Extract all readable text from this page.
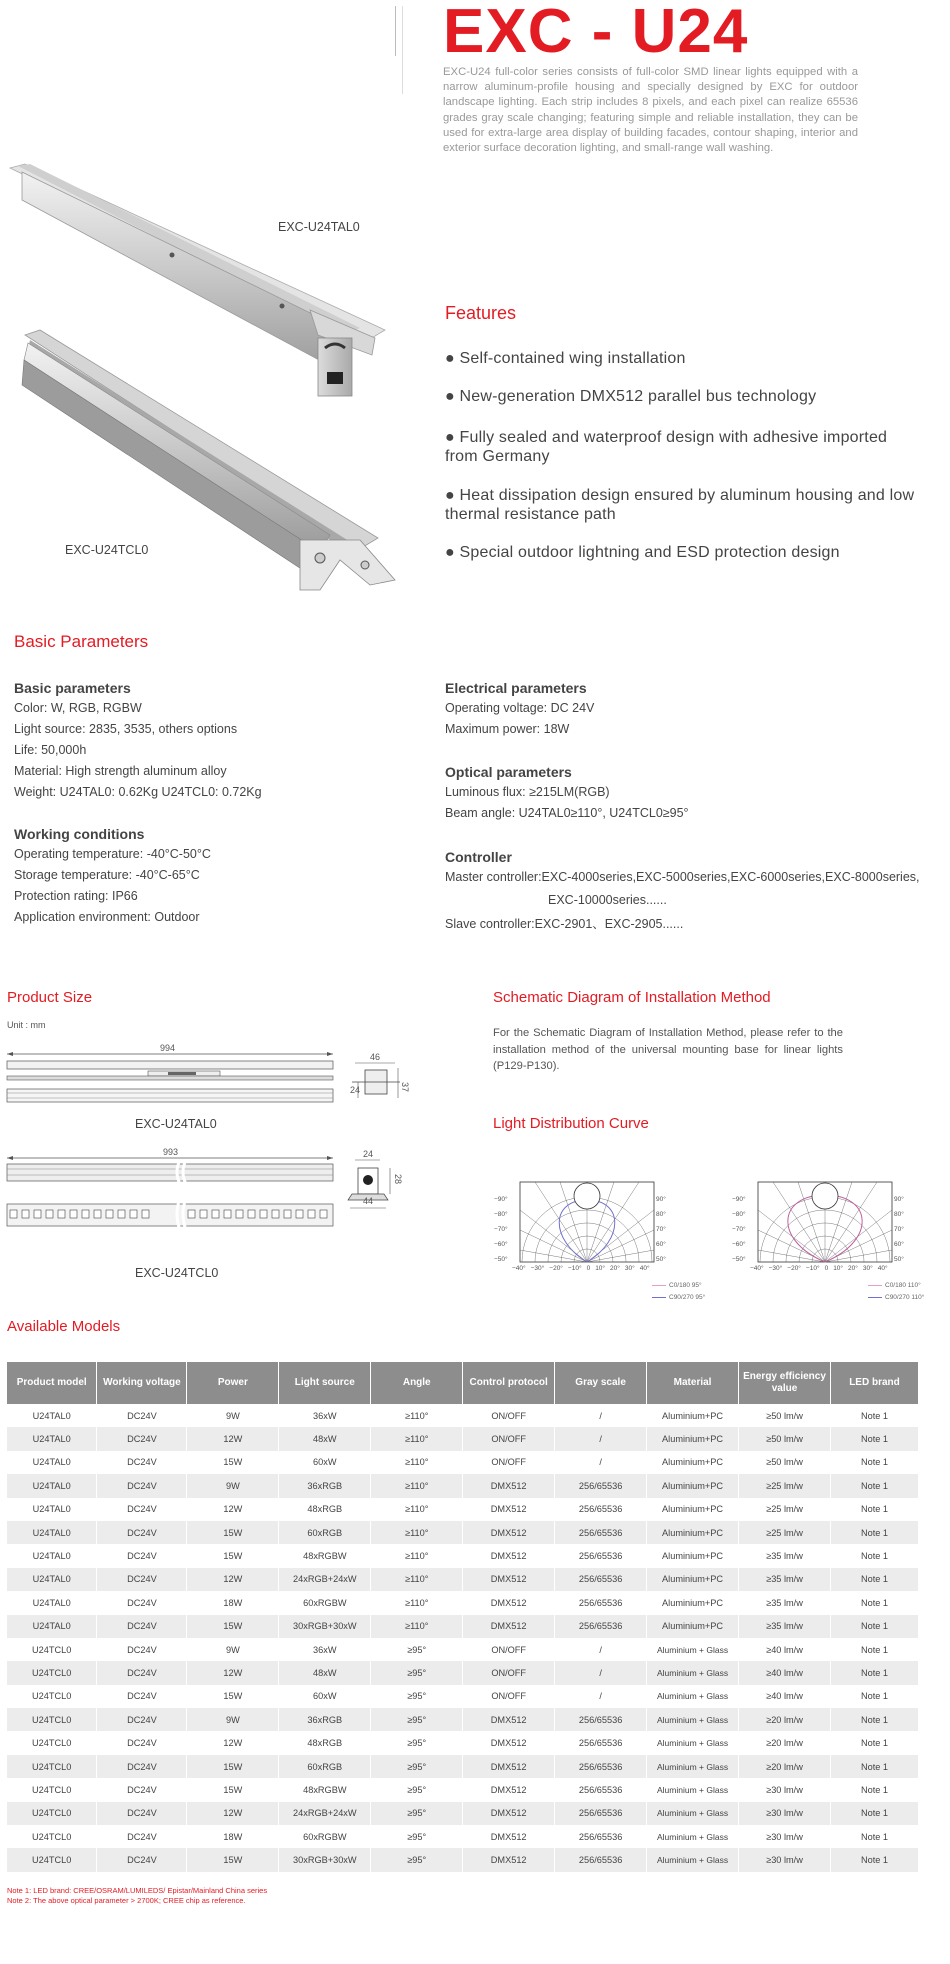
EXC - U24
EXC-U24 full-color series consists of full-color SMD linear lights equipped with a narrow aluminum-profile housing and specially designed by EXC for outdoor landscape lighting. Each strip includes 8 pixels, and each pixel can realize 65536 grades gray scale changing; featuring simple and reliable installation, they can be used for extra-large area display of building facades, contour shaping, interior and exterior surface decoration lighting, and small-range wall washing.
EXC-U24TAL0
EXC-U24TCL0
Features
● Self-contained wing installation
● New-generation DMX512 parallel bus technology
● Fully sealed and waterproof design with adhesive imported from Germany
● Heat dissipation design ensured by aluminum housing and low thermal resistance path
● Special outdoor lightning and ESD protection design
Basic Parameters
Basic parameters
Color: W, RGB, RGBW
Light source: 2835, 3535, others options
Life: 50,000h
Material: High strength aluminum alloy
Weight: U24TAL0: 0.62Kg U24TCL0: 0.72Kg
Working conditions
Operating temperature: -40°C-50°C
Storage temperature: -40°C-65°C
Protection rating: IP66
Application environment: Outdoor
Electrical parameters
Operating voltage: DC 24V
Maximum power: 18W
Optical parameters
Luminous flux: ≥215LM(RGB)
Beam angle: U24TAL0≥110°, U24TCL0≥95°
Controller
Master controller:EXC-4000series,EXC-5000series,EXC-6000series,EXC-8000series,
EXC-10000series......
Slave controller:EXC-2901、EXC-2905......
Product Size
Unit : mm
994
46
24	37
EXC-U24TAL0
993	24
28
44
EXC-U24TCL0
Schematic Diagram of Installation Method
For the Schematic Diagram of Installation Method, please refer to the installation method of the universal mounting base for linear lights (P129-P130).
Light Distribution Curve
−90°
−80°
−70°
−60°
−50°
90°
80°
70°
60°
50°
−40° −30° −20° −10° 0 10° 20° 30° 40°
−90°
−80°
−70°
−60°
−50°
90°
80°
70°
60°
50°
−40° −30° −20° −10° 0 10° 20° 30° 40°
C0/180 95°
C90/270 95°
C0/180 110°
C90/270 110°
Available Models
Product model	Working voltage	Power	Light source	Angle	Control protocol	Gray scale	Material	Energy efficiency value	LED brand
U24TAL0	DC24V	9W	36xW	≥110°	ON/OFF	/	Aluminium+PC	≥50 lm/w	Note 1
U24TAL0	DC24V	12W	48xW	≥110°	ON/OFF	/	Aluminium+PC	≥50 lm/w	Note 1
U24TAL0	DC24V	15W	60xW	≥110°	ON/OFF	/	Aluminium+PC	≥50 lm/w	Note 1
U24TAL0	DC24V	9W	36xRGB	≥110°	DMX512	256/65536	Aluminium+PC	≥25 lm/w	Note 1
U24TAL0	DC24V	12W	48xRGB	≥110°	DMX512	256/65536	Aluminium+PC	≥25 lm/w	Note 1
U24TAL0	DC24V	15W	60xRGB	≥110°	DMX512	256/65536	Aluminium+PC	≥25 lm/w	Note 1
U24TAL0	DC24V	15W	48xRGBW	≥110°	DMX512	256/65536	Aluminium+PC	≥35 lm/w	Note 1
U24TAL0	DC24V	12W	24xRGB+24xW	≥110°	DMX512	256/65536	Aluminium+PC	≥35 lm/w	Note 1
U24TAL0	DC24V	18W	60xRGBW	≥110°	DMX512	256/65536	Aluminium+PC	≥35 lm/w	Note 1
U24TAL0	DC24V	15W	30xRGB+30xW	≥110°	DMX512	256/65536	Aluminium+PC	≥35 lm/w	Note 1
U24TCL0	DC24V	9W	36xW	≥95°	ON/OFF	/	Aluminium + Glass	≥40 lm/w	Note 1
U24TCL0	DC24V	12W	48xW	≥95°	ON/OFF	/	Aluminium + Glass	≥40 lm/w	Note 1
U24TCL0	DC24V	15W	60xW	≥95°	ON/OFF	/	Aluminium + Glass	≥40 lm/w	Note 1
U24TCL0	DC24V	9W	36xRGB	≥95°	DMX512	256/65536	Aluminium + Glass	≥20 lm/w	Note 1
U24TCL0	DC24V	12W	48xRGB	≥95°	DMX512	256/65536	Aluminium + Glass	≥20 lm/w	Note 1
U24TCL0	DC24V	15W	60xRGB	≥95°	DMX512	256/65536	Aluminium + Glass	≥20 lm/w	Note 1
U24TCL0	DC24V	15W	48xRGBW	≥95°	DMX512	256/65536	Aluminium + Glass	≥30 lm/w	Note 1
U24TCL0	DC24V	12W	24xRGB+24xW	≥95°	DMX512	256/65536	Aluminium + Glass	≥30 lm/w	Note 1
U24TCL0	DC24V	18W	60xRGBW	≥95°	DMX512	256/65536	Aluminium + Glass	≥30 lm/w	Note 1
U24TCL0	DC24V	15W	30xRGB+30xW	≥95°	DMX512	256/65536	Aluminium + Glass	≥30 lm/w	Note 1
Note 1: LED brand: CREE/OSRAM/LUMILEDS/ Epistar/Mainland China series
Note 2: The above optical parameter > 2700K; CREE chip as reference.
